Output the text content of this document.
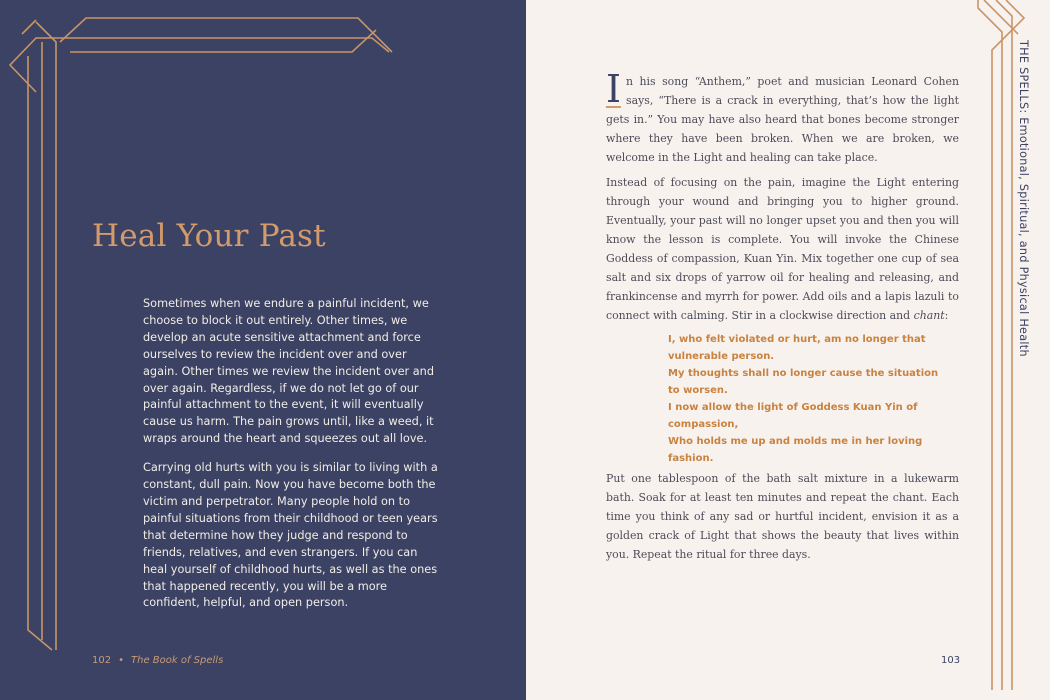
Heal Your Past

Sometimes when we endure a painful incident, we choose to block it out entirely. Other times, we develop an acute sensitive attachment and force ourselves to review the incident over and over again. Other times we review the incident over and over again. Regardless, if we do not let go of our painful attachment to the event, it will eventually cause us harm. The pain grows until, like a weed, it wraps around the heart and squeezes out all love.

Carrying old hurts with you is similar to living with a constant, dull pain. Now you have become both the victim and perpetrator. Many people hold on to painful situations from their childhood or teen years that determine how they judge and respond to friends, relatives, and even strangers. If you can heal yourself of childhood hurts, as well as the ones that happened recently, you will be a more confident, helpful, and open person.

102 • The Book of Spells
THE SPELLS: Emotional, Spiritual, and Physical Health

I n his song “Anthem,” poet and musician Leonard Cohen says, “There is a crack in everything, that’s how the light gets in.” You may have also heard that bones become stronger where they have been broken. When we are broken, we welcome in the Light and healing can take place.

Instead of focusing on the pain, imagine the Light entering through your wound and bringing you to higher ground. Eventually, your past will no longer upset you and then you will know the lesson is complete. You will invoke the Chinese Goddess of compassion, Kuan Yin. Mix together one cup of sea salt and six drops of yarrow oil for healing and releasing, and frankincense and myrrh for power. Add oils and a lapis lazuli to connect with calming. Stir in a clockwise direction and chant:

I, who felt violated or hurt, am no longer that vulnerable person.
My thoughts shall no longer cause the situation to worsen.
I now allow the light of Goddess Kuan Yin of compassion,
Who holds me up and molds me in her loving fashion.

Put one tablespoon of the bath salt mixture in a lukewarm bath. Soak for at least ten minutes and repeat the chant. Each time you think of any sad or hurtful incident, envision it as a golden crack of Light that shows the beauty that lives within you. Repeat the ritual for three days.

103
